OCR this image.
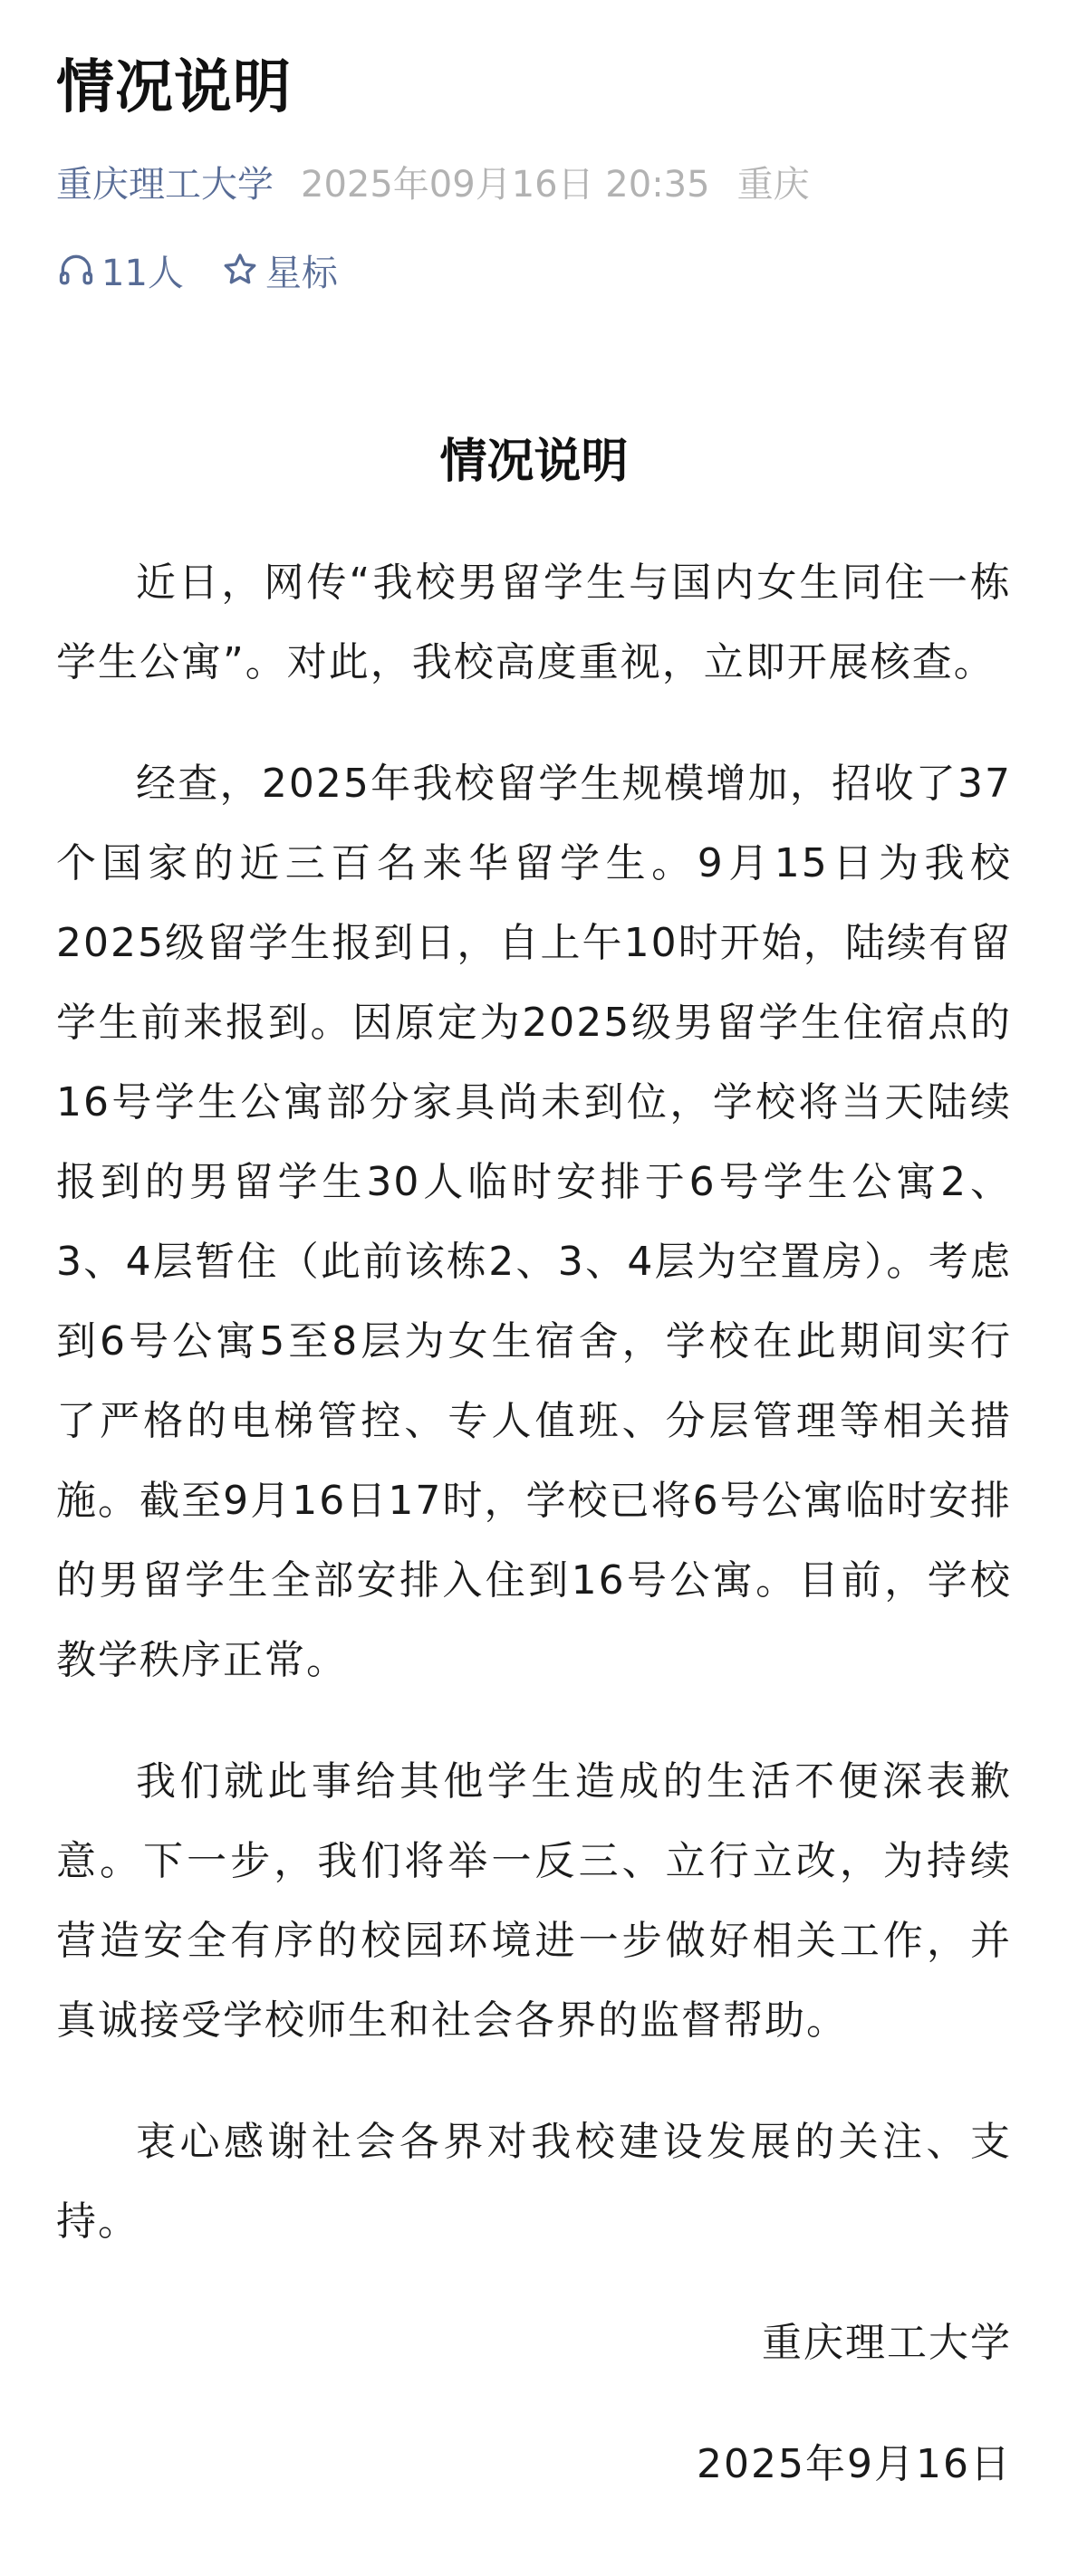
情况说明
重庆理工大学 2025年09月16日 20:35 重庆
11人 星标
情况说明

近日，网传“我校男留学生与国内女生同住一栋学生公寓”。对此，我校高度重视，立即开展核查。

经查，2025年我校留学生规模增加，招收了37个国家的近三百名来华留学生。9月15日为我校2025级留学生报到日，自上午10时开始，陆续有留学生前来报到。因原定为2025级男留学生住宿点的16号学生公寓部分家具尚未到位，学校将当天陆续报到的男留学生30人临时安排于6号学生公寓2、3、4层暂住（此前该栋2、3、4层为空置房）。考虑到6号公寓5至8层为女生宿舍，学校在此期间实行了严格的电梯管控、专人值班、分层管理等相关措施。截至9月16日17时，学校已将6号公寓临时安排的男留学生全部安排入住到16号公寓。目前，学校教学秩序正常。

我们就此事给其他学生造成的生活不便深表歉意。下一步，我们将举一反三、立行立改，为持续营造安全有序的校园环境进一步做好相关工作，并真诚接受学校师生和社会各界的监督帮助。

衷心感谢社会各界对我校建设发展的关注、支持。

重庆理工大学

2025年9月16日
